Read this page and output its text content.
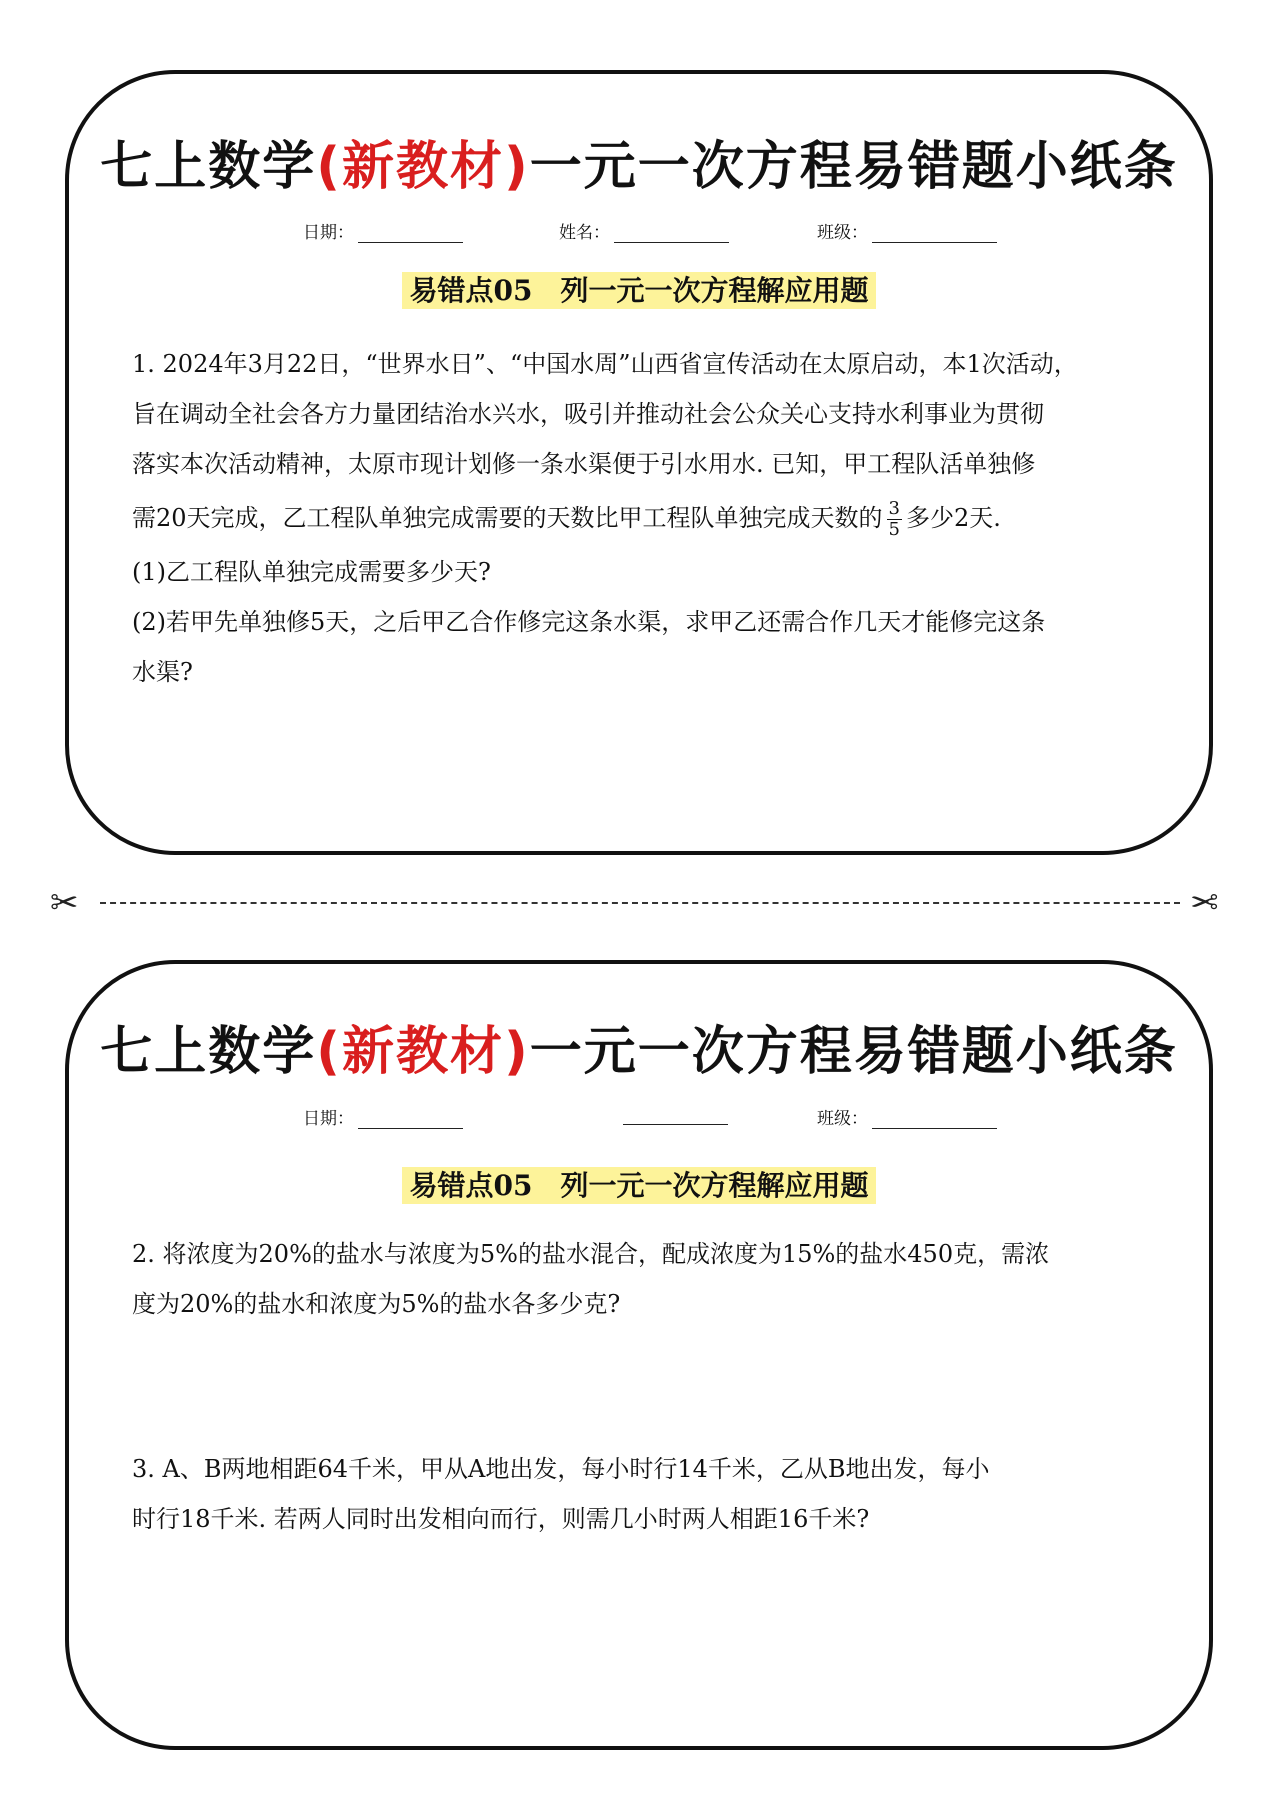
七上数学(新教材)一元一次方程易错题小纸条
日期：	姓名：	班级：
易错点05　列一元一次方程解应用题

1. 2024年3月22日，“世界水日”、“中国水周”山西省宣传活动在太原启动，本1次活动，

旨在调动全社会各方力量团结治水兴水，吸引并推动社会公众关心支持水利事业为贯彻

落实本次活动精神，太原市现计划修一条水渠便于引水用水. 已知，甲工程队活单独修

需20天完成，乙工程队单独完成需要的天数比甲工程队单独完成天数的 $\frac{3}{5}$ 多少2天.

(1)乙工程队单独完成需要多少天?

(2)若甲先单独修5天，之后甲乙合作修完这条水渠，求甲乙还需合作几天才能修完这条

水渠?

✂	✂
七上数学(新教材)一元一次方程易错题小纸条
日期：	班级：
易错点05　列一元一次方程解应用题

2. 将浓度为20%的盐水与浓度为5%的盐水混合，配成浓度为15%的盐水450克，需浓

度为20%的盐水和浓度为5%的盐水各多少克?

3. A、B两地相距64千米，甲从A地出发，每小时行14千米，乙从B地出发，每小

时行18千米. 若两人同时出发相向而行，则需几小时两人相距16千米?
